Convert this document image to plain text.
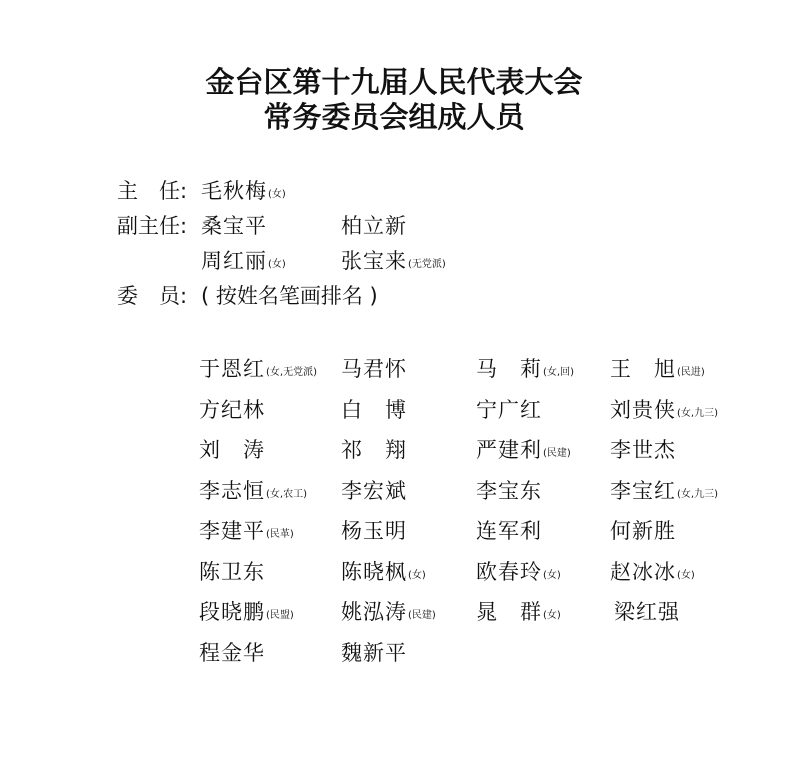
金台区第十九届人民代表大会
常务委员会组成人员
主　任: 毛秋梅(女)
副主任: 桑宝平	柏立新
周红丽(女)	张宝来(无党派)
委　员: ( 按姓名笔画排名 )
于恩红(女,无党派) 马君怀	马　莉(女,回) 王　旭(民进)
方纪林	白　博	宁广红	刘贵侠(女,九三)
刘　涛	祁　翔	严建利(民建) 李世杰
李志恒(女,农工) 李宏斌	李宝东	李宝红(女,九三)
李建平(民革) 杨玉明	连军利	何新胜
陈卫东	陈晓枫(女) 欧春玲(女) 赵冰冰(女)
段晓鹏(民盟) 姚泓涛(民建) 晁　群(女)	梁红强
程金华	魏新平
